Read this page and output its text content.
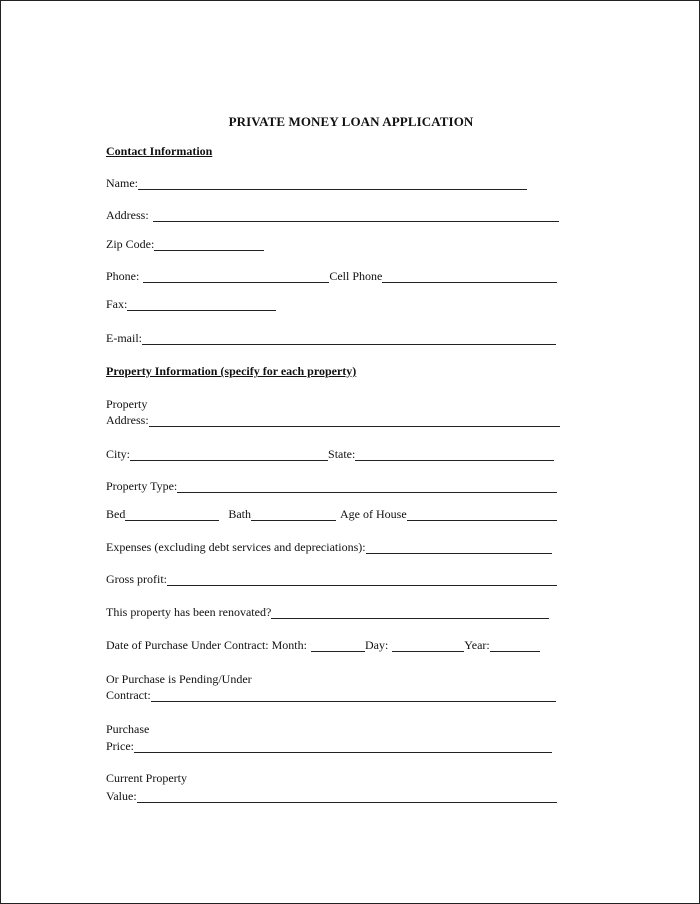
PRIVATE MONEY LOAN APPLICATION
Contact Information
Name:
Address:
Zip Code:
Phone:	Cell Phone
Fax:
E-mail:
Property Information (specify for each property)
Property
Address:
City:	State:
Property Type:
Bed	Bath	Age of House
Expenses (excluding debt services and depreciations):
Gross profit:
This property has been renovated?
Date of Purchase Under Contract: Month:	Day:	Year:
Or Purchase is Pending/Under
Contract:
Purchase
Price:
Current Property
Value:
